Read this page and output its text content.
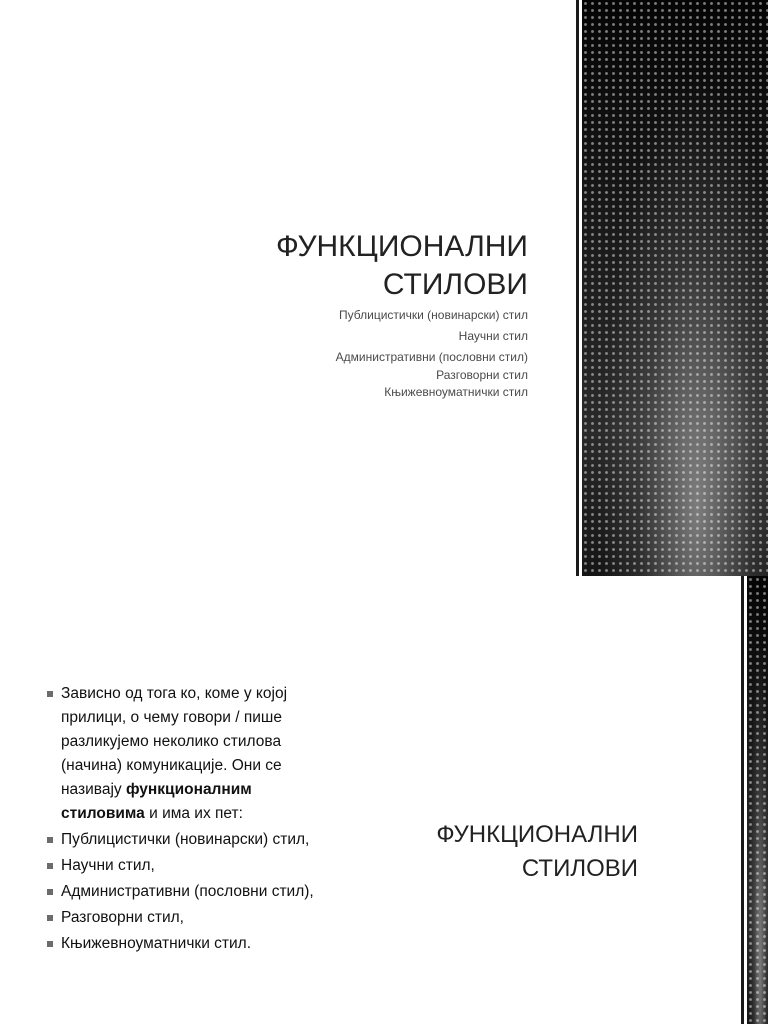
ФУНКЦИОНАЛНИ
СТИЛОВИ
Публицистички (новинарски) стил
Научни стил
Административни (пословни стил)
Разговорни стил
Књижевноуматнички стил
Зависно од тога ко, коме у којој прилици, о чему говори / пише разликујемо неколико стилова (начина) комуникације. Они се називају функционалним стиловима и има их пет:
Публицистички (новинарски) стил,
Научни стил,
Административни (пословни стил),
Разговорни стил,
Књижевноуматнички стил.
ФУНКЦИОНАЛНИ
СТИЛОВИ
